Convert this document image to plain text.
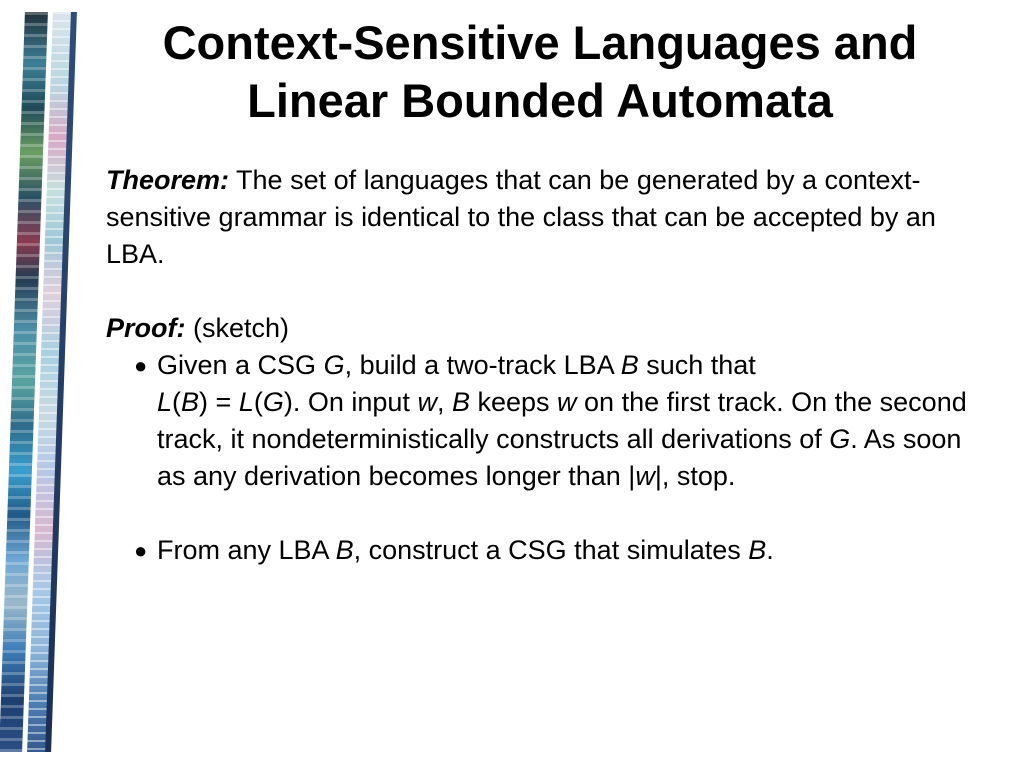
Context-Sensitive Languages and
Linear Bounded Automata

Theorem: The set of languages that can be generated by a context-sensitive grammar is identical to the class that can be accepted by an LBA.

Proof: (sketch)

● Given a CSG G, build a two-track LBA B such that
L(B) = L(G). On input w, B keeps w on the first track. On the second track, it nondeterministically constructs all derivations of G. As soon as any derivation becomes longer than |w|, stop.

● From any LBA B, construct a CSG that simulates B.
